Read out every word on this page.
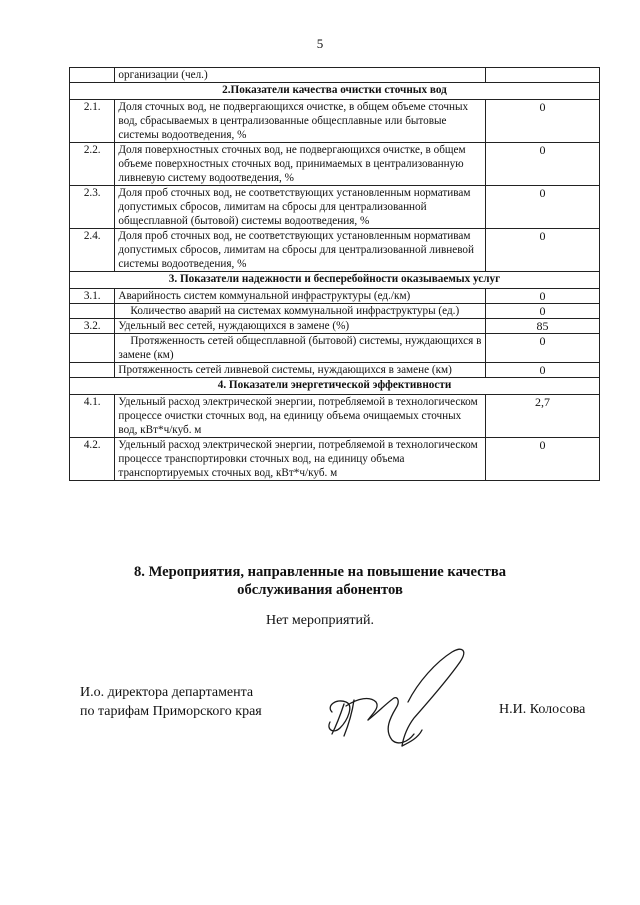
5
	организации (чел.)	
2.Показатели качества очистки сточных вод		
2.1.	Доля сточных вод, не подвергающихся очистке, в общем объеме сточных вод, сбрасываемых в централизованные общесплавные или бытовые системы водоотведения, %	0
2.2.	Доля поверхностных сточных вод, не подвергающихся очистке, в общем объеме поверхностных сточных вод, принимаемых в централизованную ливневую систему водоотведения, %	0
2.3.	Доля проб сточных вод, не соответствующих установленным нормативам допустимых сбросов, лимитам на сбросы для централизованной общесплавной (бытовой) системы водоотведения, %	0
2.4.	Доля проб сточных вод, не соответствующих установленным нормативам допустимых сбросов, лимитам на сбросы для централизованной ливневой системы водоотведения, %	0
3. Показатели надежности и бесперебойности оказываемых услуг		
3.1.	Аварийность систем коммунальной инфраструктуры (ед./км)	0
	Количество аварий на системах коммунальной инфраструктуры (ед.)	0
3.2.	Удельный вес сетей, нуждающихся в замене (%)	85
	Протяженность сетей общесплавной (бытовой) системы, нуждающихся в замене (км)	0
	Протяженность сетей ливневой системы, нуждающихся в замене (км)	0
4. Показатели энергетической эффективности		
4.1.	Удельный расход электрической энергии, потребляемой в технологическом процессе очистки сточных вод, на единицу объема очищаемых сточных вод, кВт*ч/куб. м	2,7
4.2.	Удельный расход электрической энергии, потребляемой в технологическом процессе транспортировки сточных вод, на единицу объема транспортируемых сточных вод, кВт*ч/куб. м	0
8. Мероприятия, направленные на повышение качества
обслуживания абонентов
Нет мероприятий.
И.о. директора департамента
по тарифам Приморского края	Н.И. Колосова
